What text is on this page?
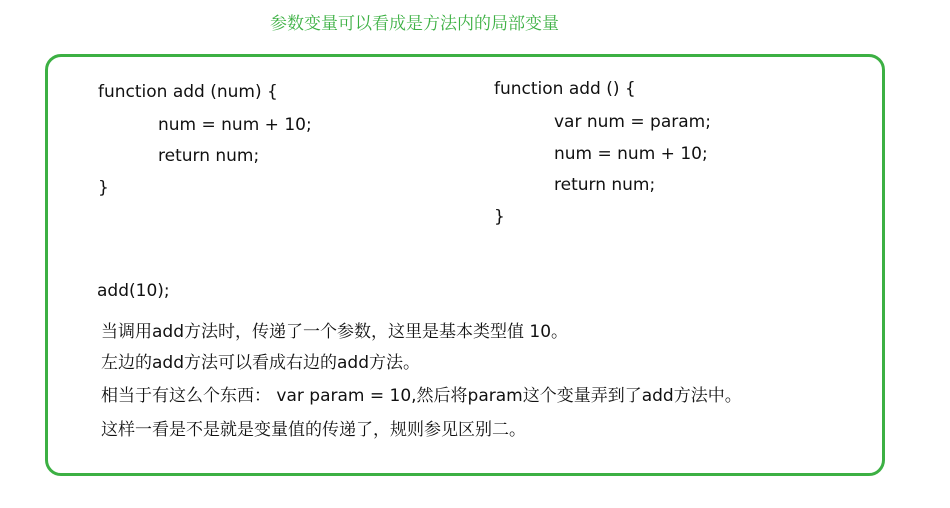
参数变量可以看成是方法内的局部变量
function add (num) {
num = num + 10;
return num;
}
function add () {
var num = param;
num = num + 10;
return num;
}
add(10);
当调用add方法时，传递了一个参数，这里是基本类型值 10。
左边的add方法可以看成右边的add方法。
相当于有这么个东西： var param = 10,然后将param这个变量弄到了add方法中。
这样一看是不是就是变量值的传递了，规则参见区别二。
